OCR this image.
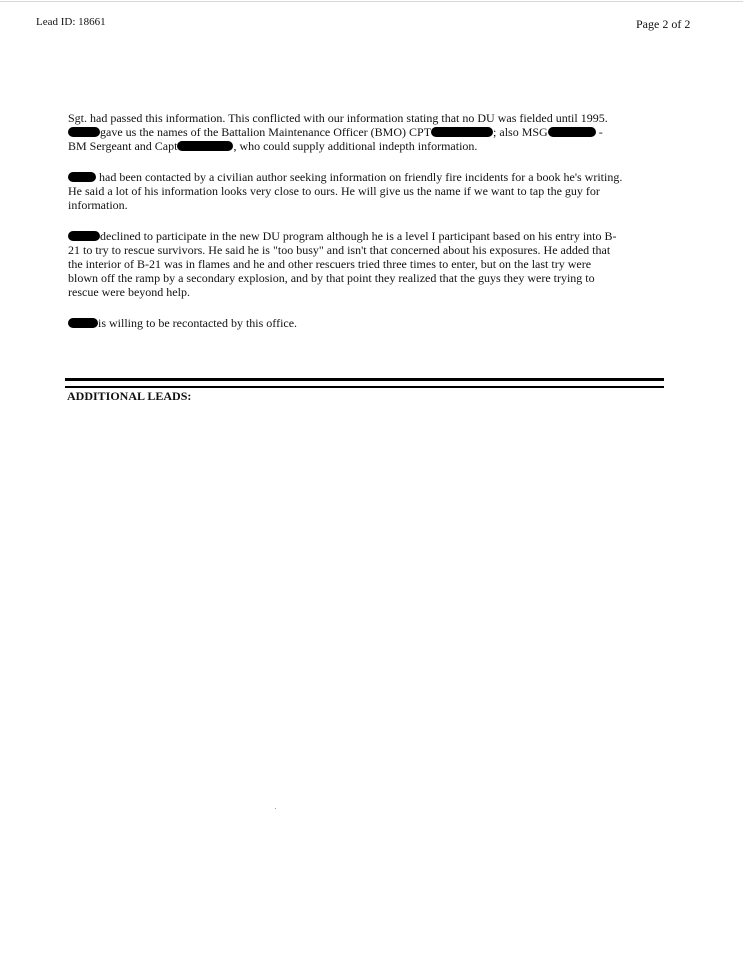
Lead ID: 18661	Page 2 of 2

Sgt. had passed this information. This conflicted with our information stating that no DU was fielded until 1995.
gave us the names of the Battalion Maintenance Officer (BMO) CPT	; also MSG	-
BM Sergeant and Capt	, who could supply additional indepth information.

had been contacted by a civilian author seeking information on friendly fire incidents for a book he's writing.
He said a lot of his information looks very close to ours. He will give us the name if we want to tap the guy for
information.

declined to participate in the new DU program although he is a level I participant based on his entry into B-
21 to try to rescue survivors. He said he is "too busy" and isn't that concerned about his exposures. He added that
the interior of B-21 was in flames and he and other rescuers tried three times to enter, but on the last try were
blown off the ramp by a secondary explosion, and by that point they realized that the guys they were trying to
rescue were beyond help.

is willing to be recontacted by this office.

ADDITIONAL LEADS:
